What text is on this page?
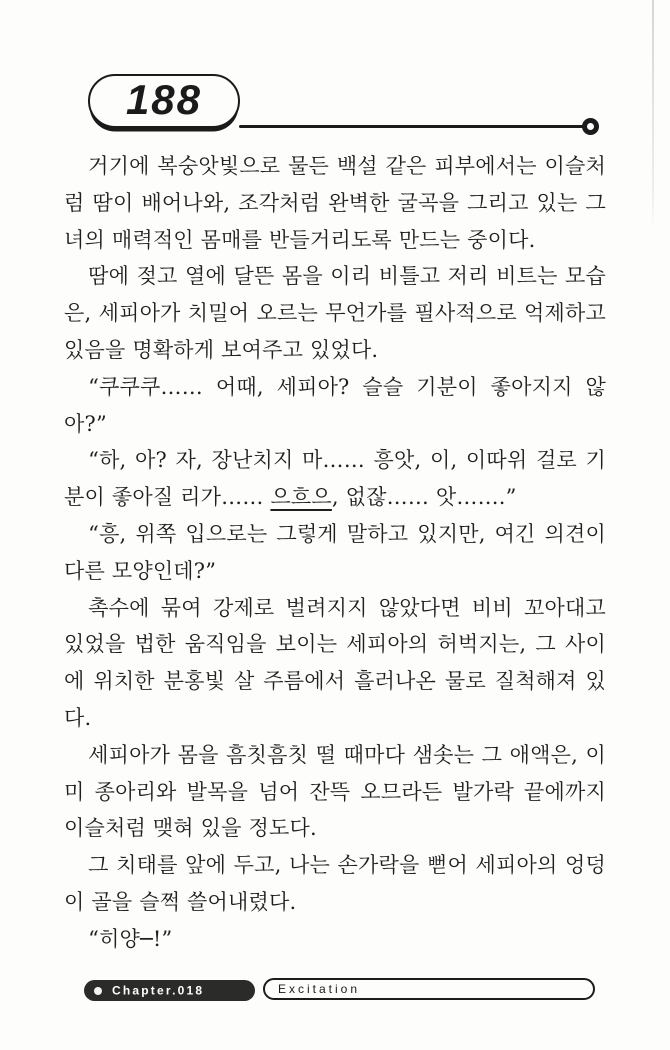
188

거기에 복숭앗빛으로 물든 백설 같은 피부에서는 이슬처럼 땀이 배어나와, 조각처럼 완벽한 굴곡을 그리고 있는 그녀의 매력적인 몸매를 반들거리도록 만드는 중이다.

땀에 젖고 열에 달뜬 몸을 이리 비틀고 저리 비트는 모습은, 세피아가 치밀어 오르는 무언가를 필사적으로 억제하고 있음을 명확하게 보여주고 있었다.

“쿠쿠쿠…… 어때, 세피아? 슬슬 기분이 좋아지지 않아?”

“하, 아? 자, 장난치지 마…… 흥앗, 이, 이따위 걸로 기분이 좋아질 리가…… 으흐으, 없잖…… 앗…….”

“흥, 위쪽 입으로는 그렇게 말하고 있지만, 여긴 의견이 다른 모양인데?”

촉수에 묶여 강제로 벌려지지 않았다면 비비 꼬아대고 있었을 법한 움직임을 보이는 세피아의 허벅지는, 그 사이에 위치한 분홍빛 살 주름에서 흘러나온 물로 질척해져 있다.

세피아가 몸을 흠칫흠칫 떨 때마다 샘솟는 그 애액은, 이미 종아리와 발목을 넘어 잔뜩 오므라든 발가락 끝에까지 이슬처럼 맺혀 있을 정도다.

그 치태를 앞에 두고, 나는 손가락을 뻗어 세피아의 엉덩이 골을 슬쩍 쓸어내렸다.

“히양─!”

Chapter.018	Excitation
